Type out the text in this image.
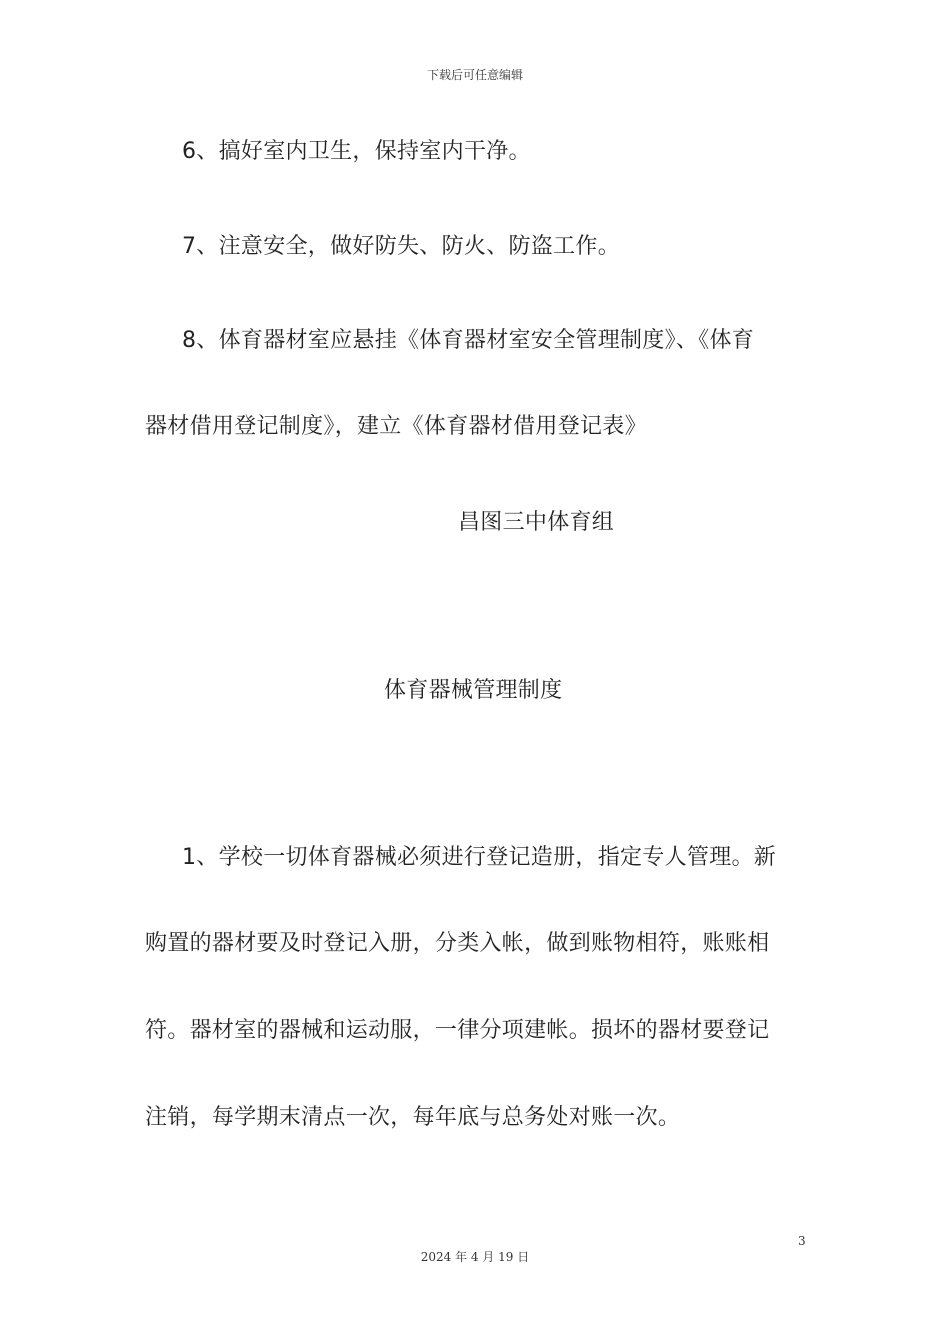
下载后可任意编辑
6、搞好室内卫生，保持室内干净。
7、注意安全，做好防失、防火、防盗工作。
8、体育器材室应悬挂《体育器材室安全管理制度》、《体育
器材借用登记制度》，建立《体育器材借用登记表》
昌图三中体育组
体育器械管理制度
1、学校一切体育器械必须进行登记造册，指定专人管理。新
购置的器材要及时登记入册，分类入帐，做到账物相符，账账相
符。器材室的器械和运动服，一律分项建帐。损坏的器材要登记
注销，每学期末清点一次，每年底与总务处对账一次。
3
2024 年 4 月 19 日
